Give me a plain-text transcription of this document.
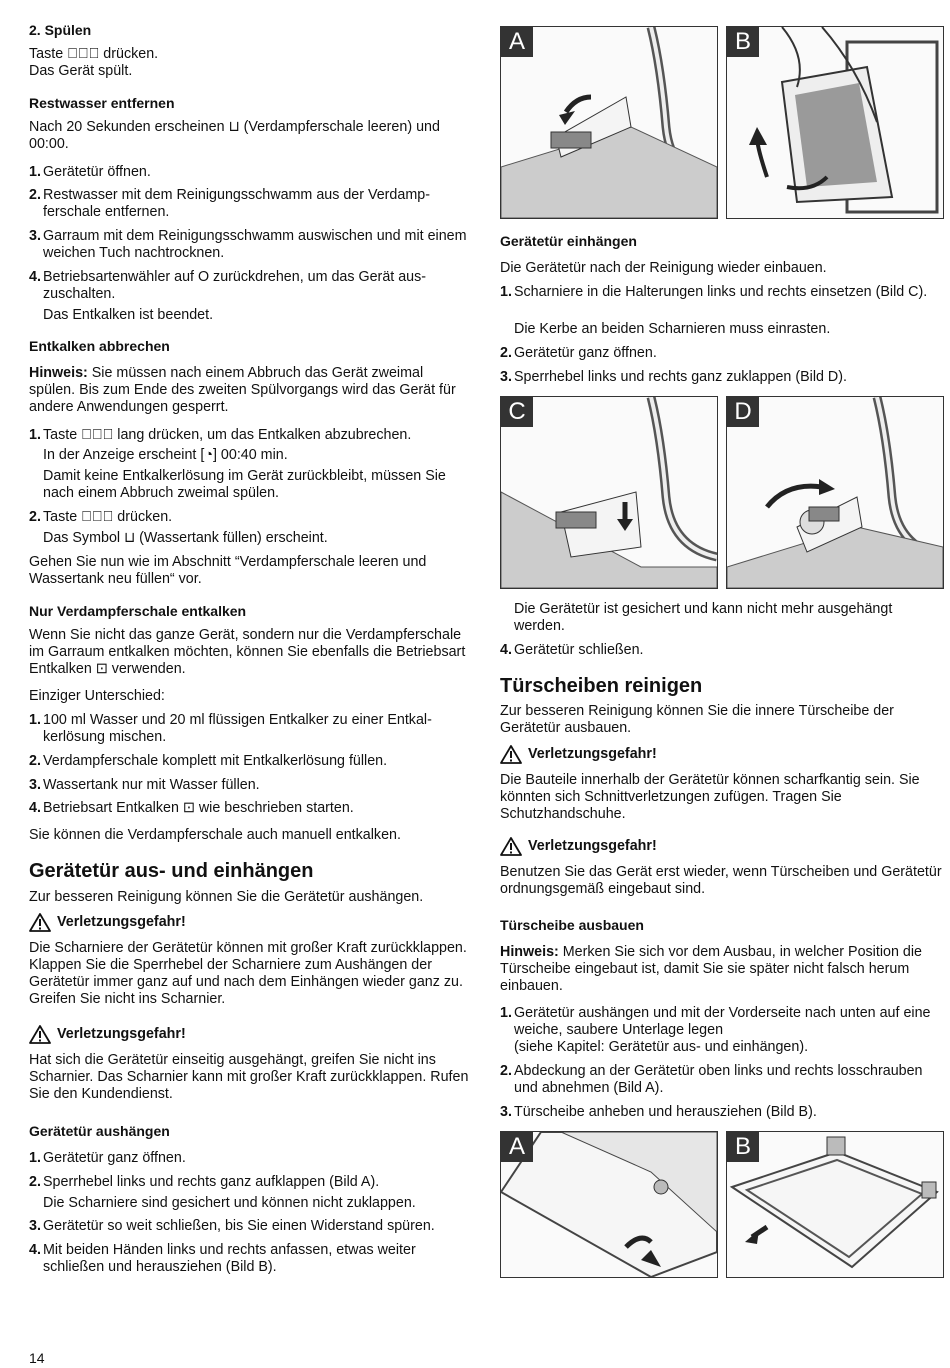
2. Spülen
Taste ▷⃒⃒ drücken.
Das Gerät spült.
Restwasser entfernen
Nach 20 Sekunden erscheinen ⊔ (Verdampferschale leeren) und 00:00.
1. Gerätetür öffnen.
2. Restwasser mit dem Reinigungsschwamm aus der Verdampferschale entfernen.
3. Garraum mit dem Reinigungsschwamm auswischen und mit einem weichen Tuch nachtrocknen.
4. Betriebsartenwähler auf O zurückdrehen, um das Gerät auszuschalten.
Das Entkalken ist beendet.
Entkalken abbrechen
Hinweis: Sie müssen nach einem Abbruch das Gerät zweimal spülen. Bis zum Ende des zweiten Spülvorgangs wird das Gerät für andere Anwendungen gesperrt.
1. Taste ▷⃒⃒ lang drücken, um das Entkalken abzubrechen.
In der Anzeige erscheint [◔] 00:40 min.
Damit keine Entkalkerlösung im Gerät zurückbleibt, müssen Sie nach einem Abbruch zweimal spülen.
2. Taste ▷⃒⃒ drücken.
Das Symbol ⊔ (Wassertank füllen) erscheint.
Gehen Sie nun wie im Abschnitt “Verdampferschale leeren und Wassertank neu füllen“ vor.
Nur Verdampferschale entkalken
Wenn Sie nicht das ganze Gerät, sondern nur die Verdampferschale im Garraum entkalken möchten, können Sie ebenfalls die Betriebsart Entkalken ⊡ verwenden.
Einziger Unterschied:
1. 100 ml Wasser und 20 ml flüssigen Entkalker zu einer Entkalkerlösung mischen.
2. Verdampferschale komplett mit Entkalkerlösung füllen.
3. Wassertank nur mit Wasser füllen.
4. Betriebsart Entkalken ⊡ wie beschrieben starten.
Sie können die Verdampferschale auch manuell entkalken.
Gerätetür aus- und einhängen
Zur besseren Reinigung können Sie die Gerätetür aushängen.
Verletzungsgefahr!
Die Scharniere der Gerätetür können mit großer Kraft zurückklappen. Klappen Sie die Sperrhebel der Scharniere zum Aushängen der Gerätetür immer ganz auf und nach dem Einhängen wieder ganz zu. Greifen Sie nicht ins Scharnier.
Verletzungsgefahr!
Hat sich die Gerätetür einseitig ausgehängt, greifen Sie nicht ins Scharnier. Das Scharnier kann mit großer Kraft zurückklappen. Rufen Sie den Kundendienst.
Gerätetür aushängen
1. Gerätetür ganz öffnen.
2. Sperrhebel links und rechts ganz aufklappen (Bild A).
Die Scharniere sind gesichert und können nicht zuklappen.
3. Gerätetür so weit schließen, bis Sie einen Widerstand spüren.
4. Mit beiden Händen links und rechts anfassen, etwas weiter schließen und herausziehen (Bild B).
A	B
Gerätetür einhängen
Die Gerätetür nach der Reinigung wieder einbauen.
1. Scharniere in die Halterungen links und rechts einsetzen (Bild C).
Die Kerbe an beiden Scharnieren muss einrasten.
2. Gerätetür ganz öffnen.
3. Sperrhebel links und rechts ganz zuklappen (Bild D).
C	D
Die Gerätetür ist gesichert und kann nicht mehr ausgehängt werden.
4. Gerätetür schließen.
Türscheiben reinigen
Zur besseren Reinigung können Sie die innere Türscheibe der Gerätetür ausbauen.
Verletzungsgefahr!
Die Bauteile innerhalb der Gerätetür können scharfkantig sein. Sie könnten sich Schnittverletzungen zufügen. Tragen Sie Schutzhandschuhe.
Verletzungsgefahr!
Benutzen Sie das Gerät erst wieder, wenn Türscheiben und Gerätetür ordnungsgemäß eingebaut sind.
Türscheibe ausbauen
Hinweis: Merken Sie sich vor dem Ausbau, in welcher Position die Türscheibe eingebaut ist, damit Sie sie später nicht falsch herum einbauen.
1. Gerätetür aushängen und mit der Vorderseite nach unten auf eine weiche, saubere Unterlage legen
(siehe Kapitel: Gerätetür aus- und einhängen).
2. Abdeckung an der Gerätetür oben links und rechts losschrauben und abnehmen (Bild A).
3. Türscheibe anheben und herausziehen (Bild B).
A	B
14
